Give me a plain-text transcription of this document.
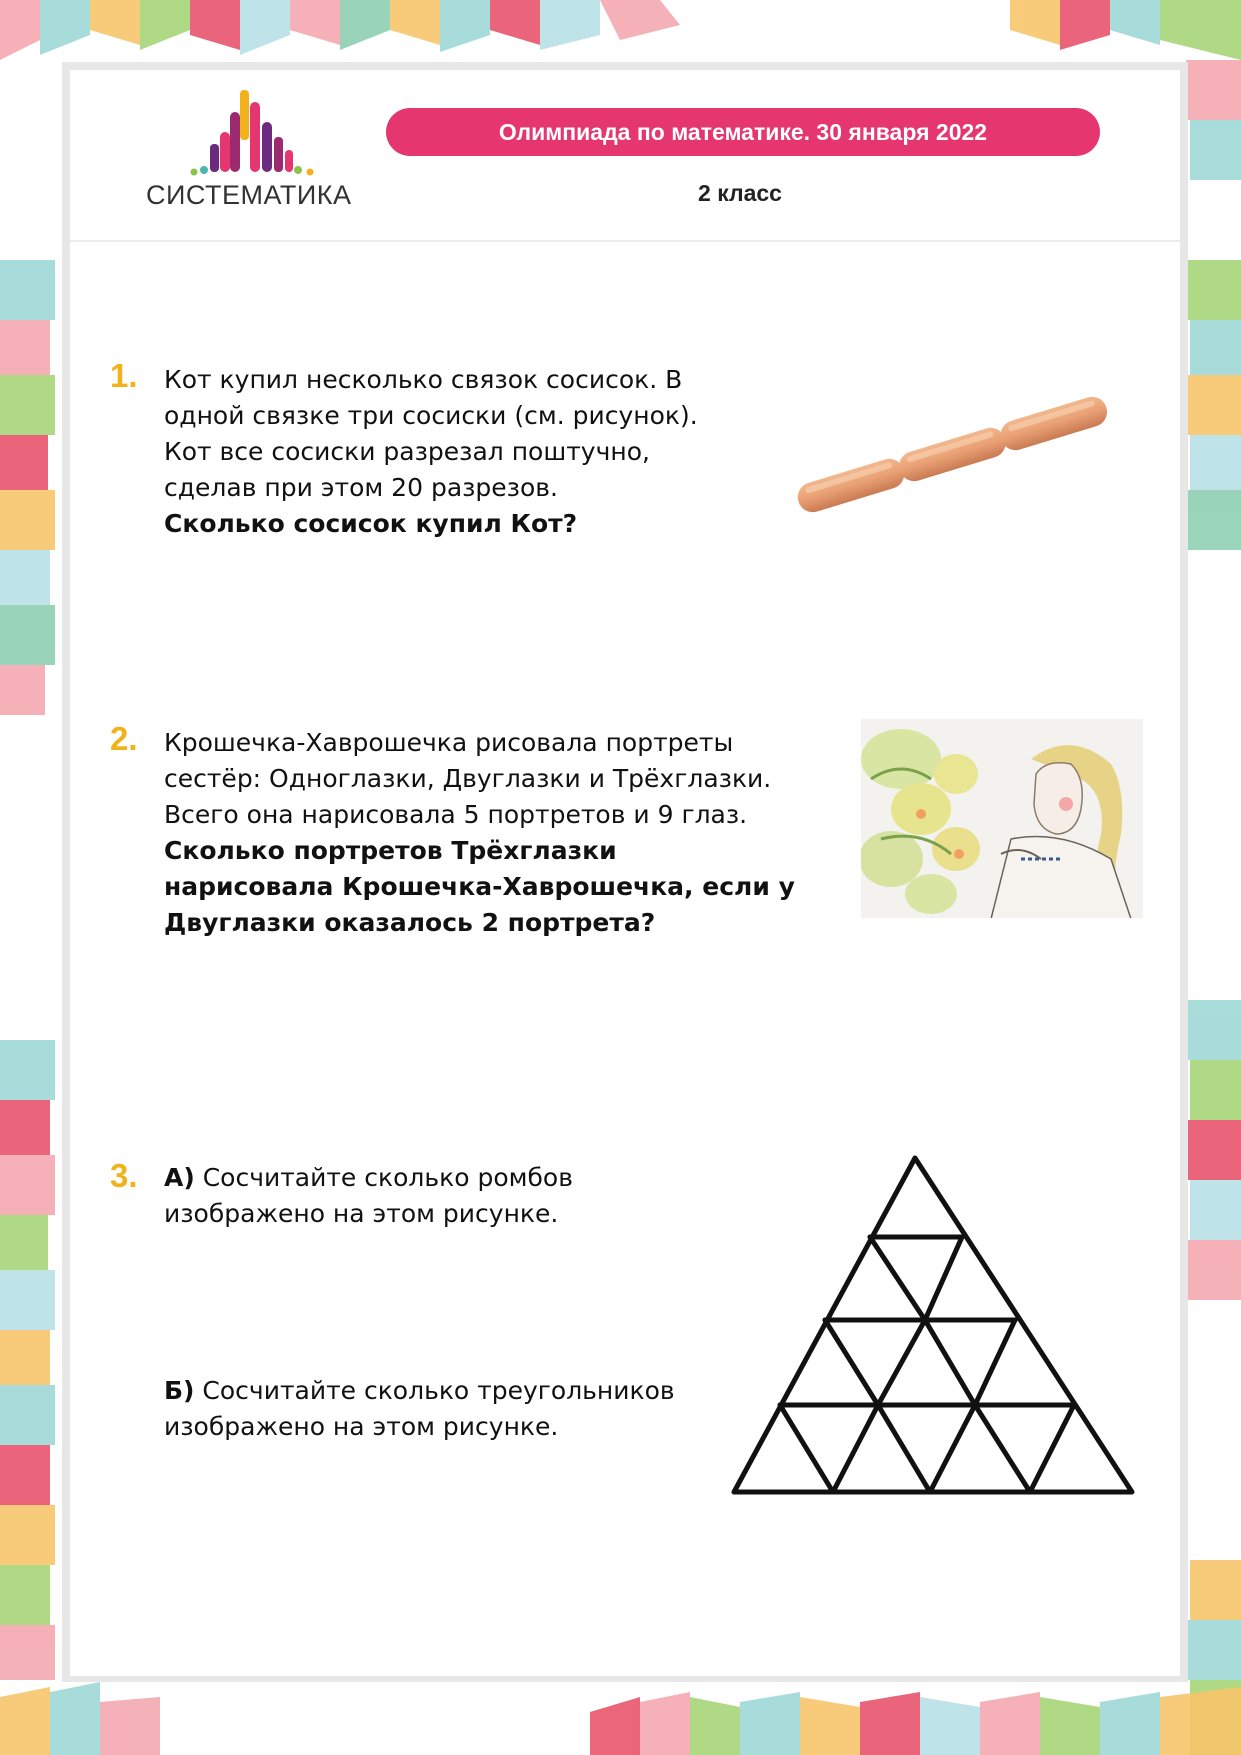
СИСТЕМАТИКА
Олимпиада по математике. 30 января 2022
2 класс
1. Кот купил несколько связок сосисок. В

одной связке три сосиски (см. рисунок).

Кот все сосиски разрезал поштучно,

сделав при этом 20 разрезов.

Сколько сосисок купил Кот?

2. Крошечка-Хаврошечка рисовала портреты

сестёр: Одноглазки, Двуглазки и Трёхглазки.

Всего она нарисовала 5 портретов и 9 глаз.

Сколько портретов Трёхглазки

нарисовала Крошечка-Хаврошечка, если у

Двуглазки оказалось 2 портрета?

3. А) Сосчитайте сколько ромбов

изображено на этом рисунке.

Б) Сосчитайте сколько треугольников

изображено на этом рисунке.
